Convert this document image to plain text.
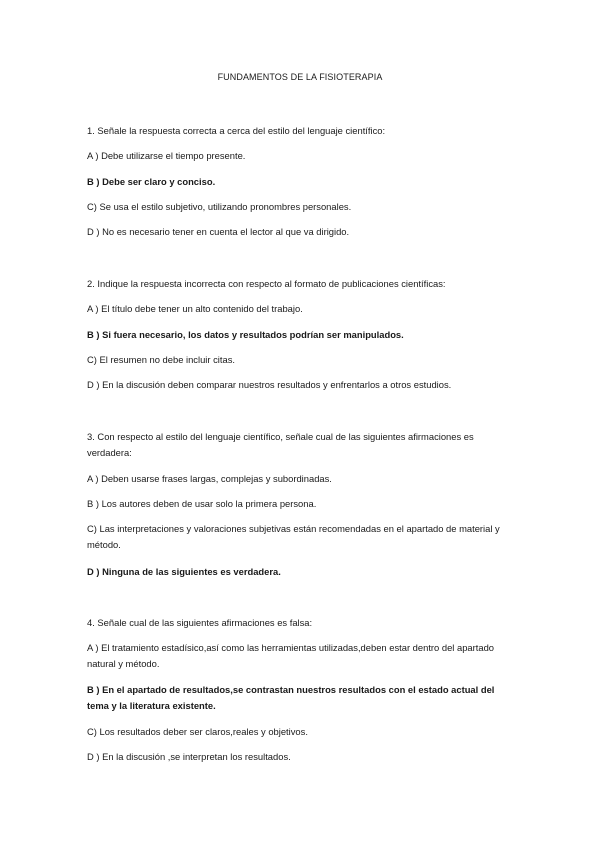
FUNDAMENTOS DE LA FISIOTERAPIA
1. Señale la respuesta correcta a cerca del estilo del lenguaje científico:
A ) Debe utilizarse el tiempo presente.
B ) Debe ser claro y conciso.
C) Se usa el estilo subjetivo, utilizando pronombres personales.
D ) No es necesario tener en cuenta el lector al que va dirigido.
2. Indique la respuesta incorrecta con respecto al formato de publicaciones científicas:
A ) El título debe tener un alto contenido del trabajo.
B ) Si fuera necesario, los datos y resultados podrían ser manipulados.
C) El resumen no debe incluir citas.
D ) En la discusión deben comparar nuestros resultados y enfrentarlos a otros estudios.
3. Con respecto al estilo del lenguaje científico, señale cual de las siguientes afirmaciones es verdadera:
A ) Deben usarse frases largas, complejas y subordinadas.
B ) Los autores deben de usar solo la primera persona.
C) Las interpretaciones y valoraciones subjetivas están recomendadas en el apartado de material y método.
D ) Ninguna de las siguientes es verdadera.
4. Señale cual de las siguientes afirmaciones es falsa:
A ) El tratamiento estadísico,así como las herramientas utilizadas,deben estar dentro del apartado natural y método.
B ) En el apartado de resultados,se contrastan nuestros resultados con el estado actual del tema y la literatura existente.
C) Los resultados deber ser claros,reales y objetivos.
D ) En la discusión ,se interpretan los resultados.
